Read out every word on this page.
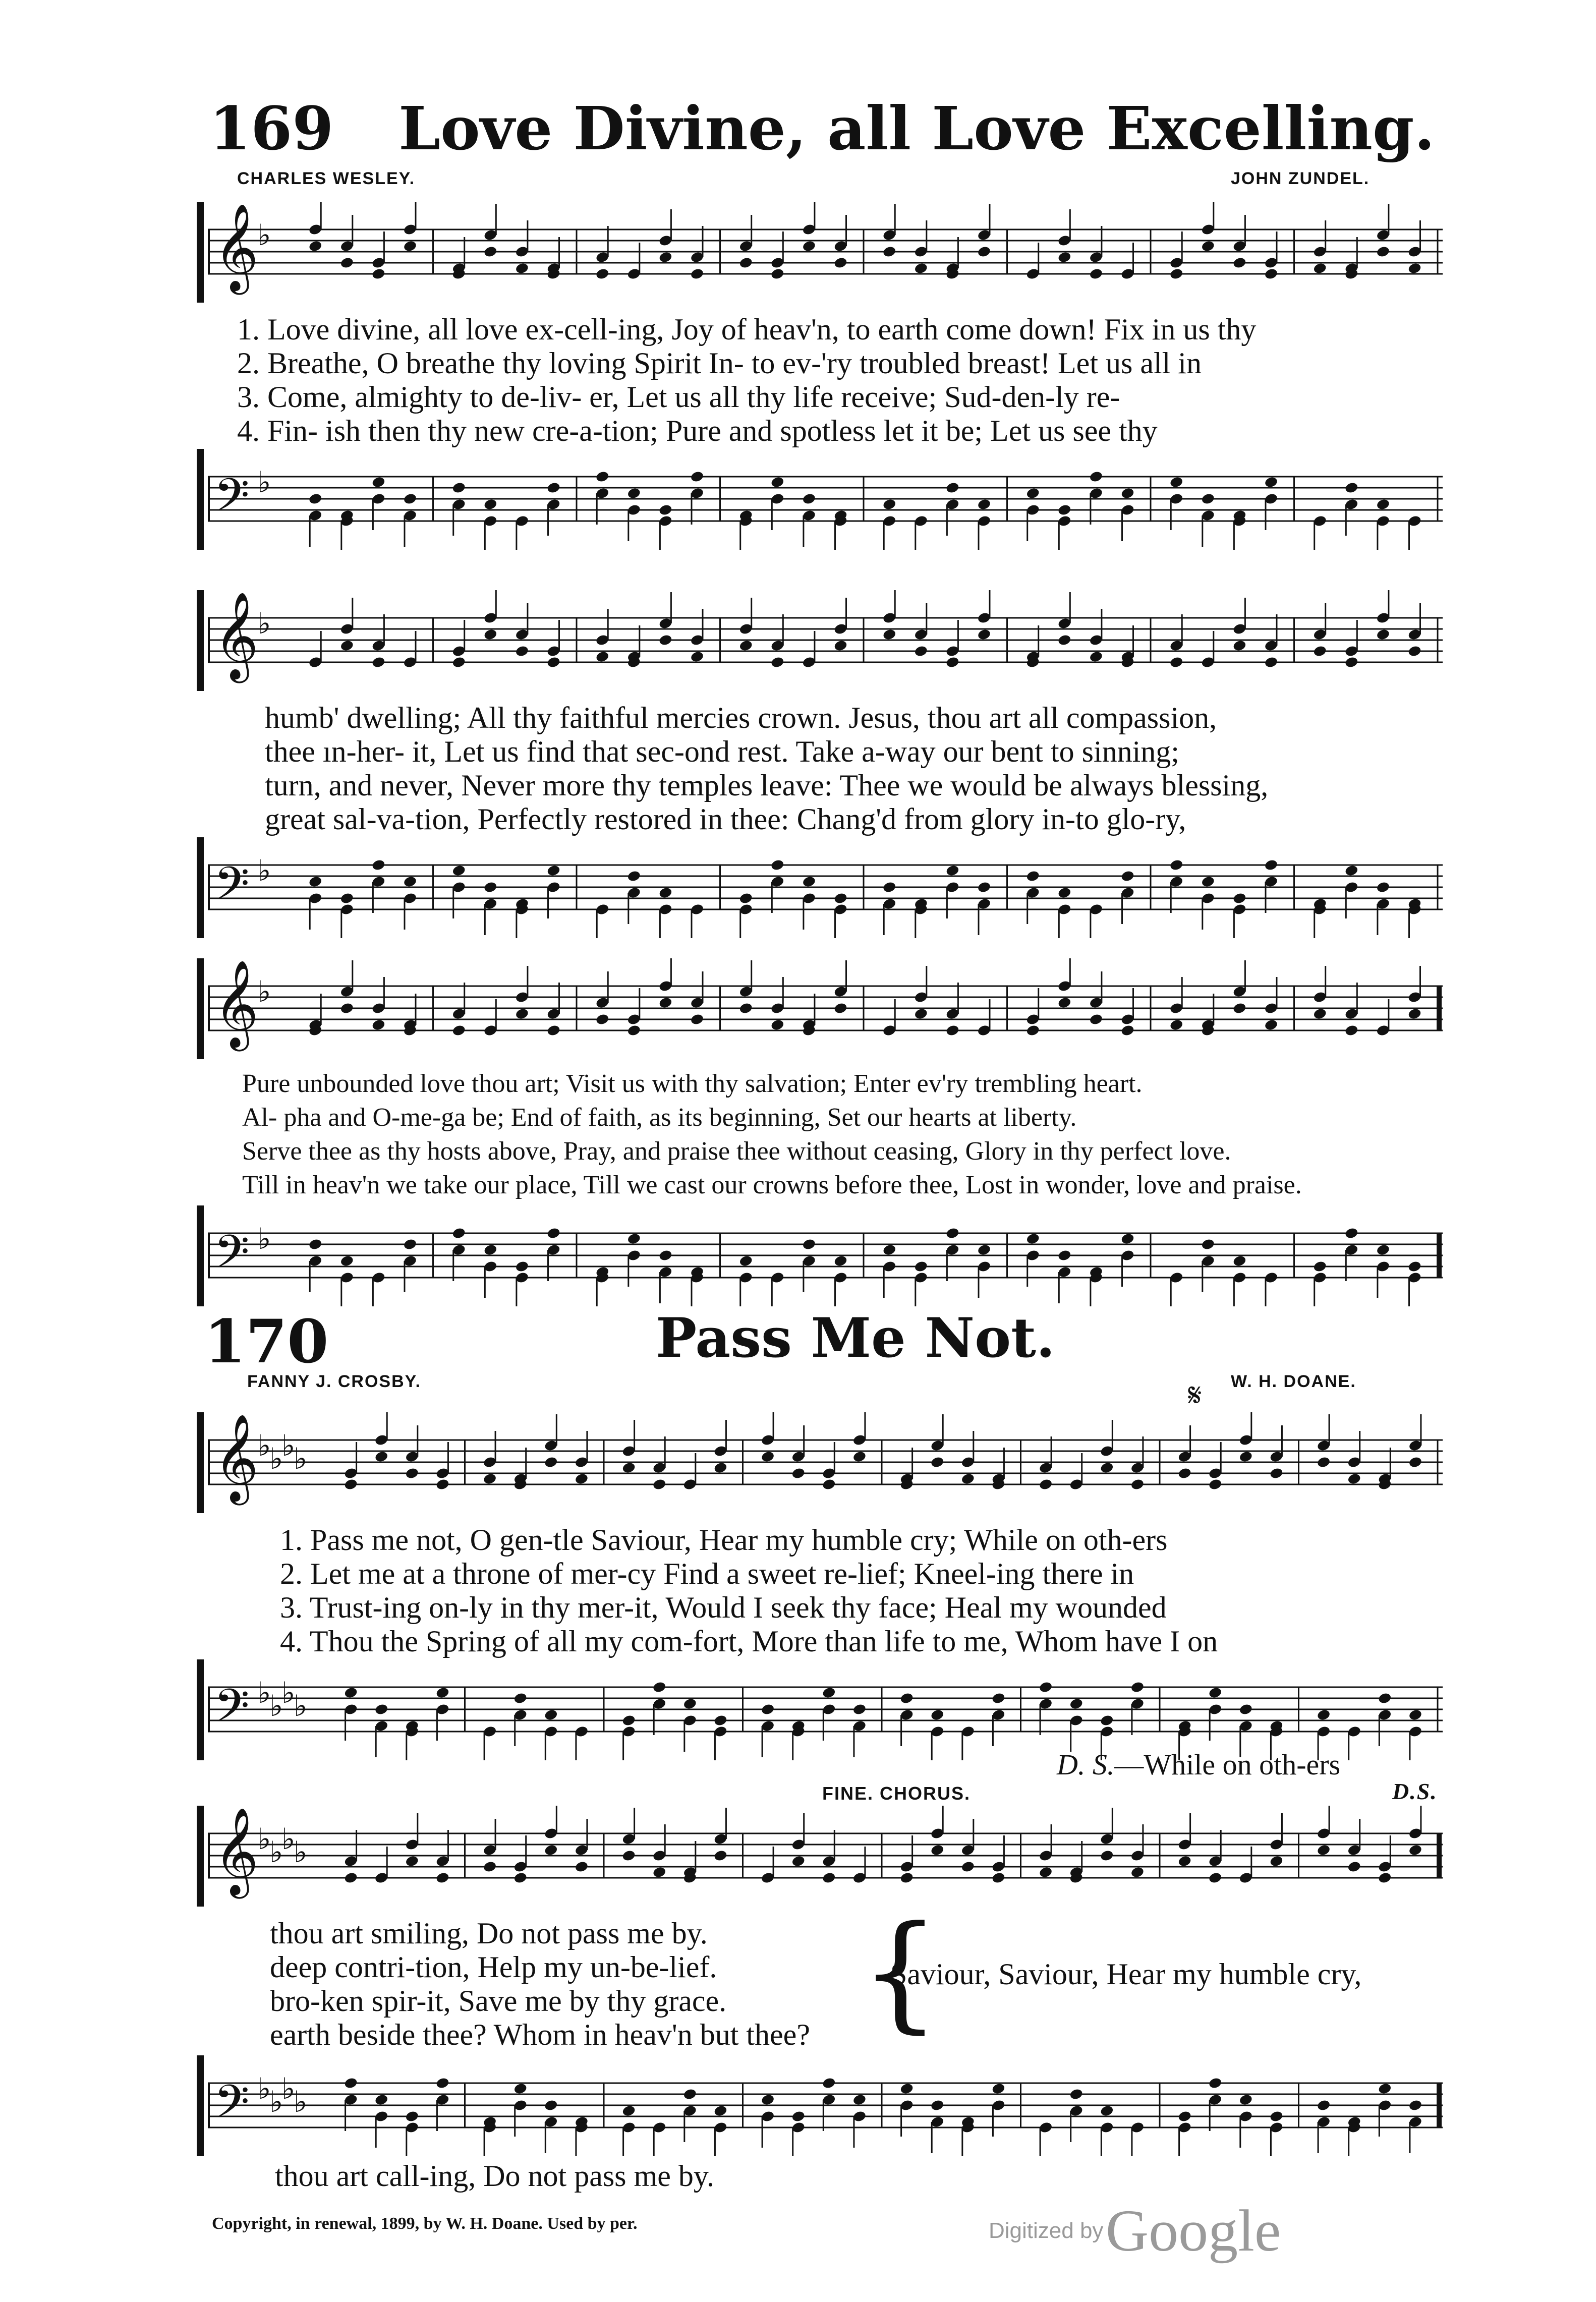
169 Love Divine, all Love Excelling.
CHARLES WESLEY.	JOHN ZUNDEL.
𝄞
♭
1. Love divine, all love ex-cell-ing, Joy of heav'n, to earth come down! Fix in us thy
2. Breathe, O breathe thy loving Spirit In- to ev-'ry troubled breast! Let us all in
3. Come, almighty to de-liv- er, Let us all thy life receive; Sud-den-ly re-
4. Fin- ish then thy new cre-a-tion; Pure and spotless let it be; Let us see thy
𝄢 ♭
𝄞
♭
humb' dwelling; All thy faithful mercies crown. Jesus, thou art all compassion,
thee ın-her- it, Let us find that sec-ond rest. Take a-way our bent to sinning;
turn, and never, Never more thy temples leave: Thee we would be always blessing,
great sal-va-tion, Perfectly restored in thee: Chang'd from glory in-to glo-ry,
𝄢 ♭
𝄞
♭
Pure unbounded love thou art; Visit us with thy salvation; Enter ev'ry trembling heart.
Al- pha and O-me-ga be; End of faith, as its beginning, Set our hearts at liberty.
Serve thee as thy hosts above, Pray, and praise thee without ceasing, Glory in thy perfect love.
Till in heav'n we take our place, Till we cast our crowns before thee, Lost in wonder, love and praise.
𝄢 ♭
170	Pass Me Not.
FANNY J. CROSBY.	W. H. DOANE.
𝄋
𝄞
♭
♭
♭
♭
1. Pass me not, O gen-tle Saviour, Hear my humble cry; While on oth-ers
2. Let me at a throne of mer-cy Find a sweet re-lief; Kneel-ing there in
3. Trust-ing on-ly in thy mer-it, Would I seek thy face; Heal my wounded
4. Thou the Spring of all my com-fort, More than life to me, Whom have I on
𝄢 ♭
♭
♭
♭
D. S.—While on oth-ers
FINE. CHORUS.	D.S.
𝄞
♭
♭
♭
♭
thou art smiling, Do not pass me by.
deep contri-tion, Help my un-be-lief.
bro-ken spir-it, Save me by thy grace.
earth beside thee? Whom in heav'n but thee? {
Saviour, Saviour, Hear my humble cry,
𝄢 ♭
♭
♭
♭
thou art call-ing, Do not pass me by.
Copyright, in renewal, 1899, by W. H. Doane. Used by per.	Digitized by Google
